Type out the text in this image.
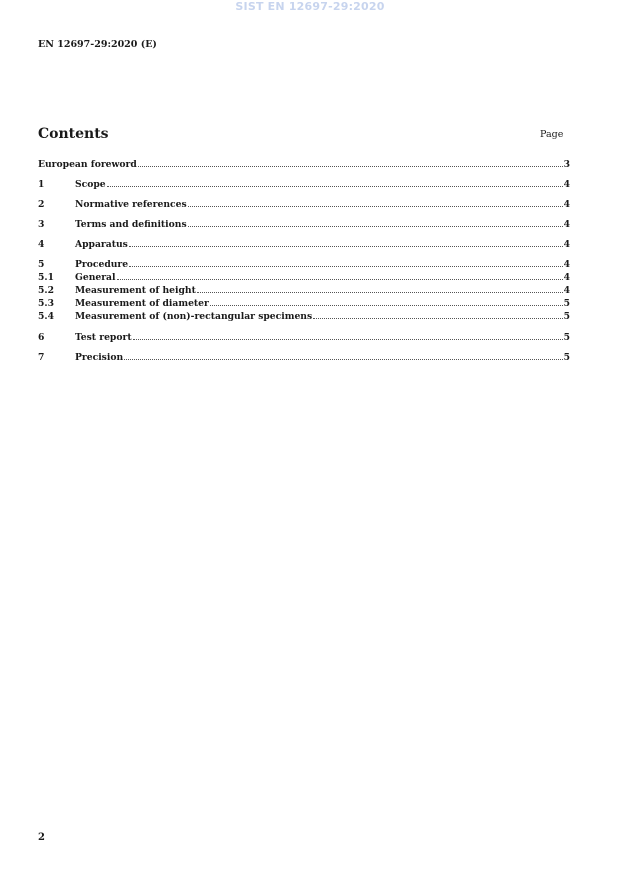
SIST EN 12697-29:2020
EN 12697-29:2020 (E)
Contents	Page
European foreword	3
1	Scope	4
2	Normative references	4
3	Terms and definitions	4
4	Apparatus	4
5	Procedure	4
5.1	General	4
5.2	Measurement of height	4
5.3	Measurement of diameter	5
5.4	Measurement of (non)-rectangular specimens	5
6	Test report	5
7	Precision	5
2
